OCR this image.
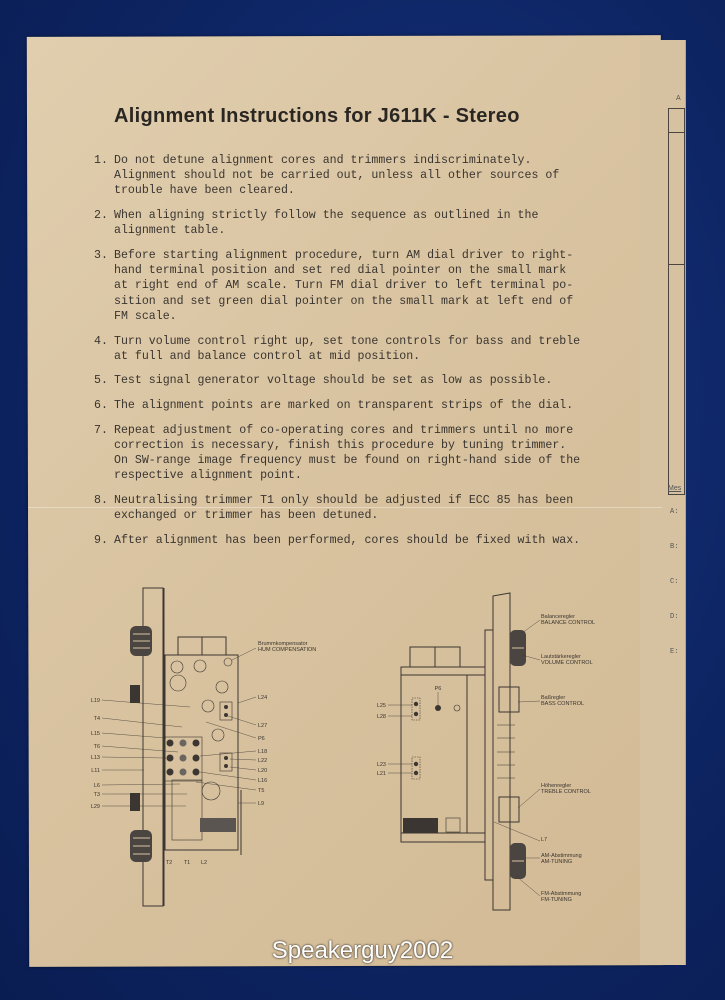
A
Mes
A:
B:
C:
D:
E:
Alignment Instructions for J611K - Stereo
1. Do not detune alignment cores and trimmers indiscriminately.
Alignment should not be carried out, unless all other sources of
trouble have been cleared.
2. When aligning strictly follow the sequence as outlined in the
alignment table.
3. Before starting alignment procedure, turn AM dial driver to right-
hand terminal position and set red dial pointer on the small mark
at right end of AM scale. Turn FM dial driver to left terminal po-
sition and set green dial pointer on the small mark at left end of
FM scale.
4. Turn volume control right up, set tone controls for bass and treble
at full and balance control at mid position.
5. Test signal generator voltage should be set as low as possible.
6. The alignment points are marked on transparent strips of the dial.
7. Repeat adjustment of co-operating cores and trimmers until no more
correction is necessary, finish this procedure by tuning trimmer.
On SW-range image frequency must be found on right-hand side of the
respective alignment point.
8. Neutralising trimmer T1 only should be adjusted if ECC 85 has been
exchanged or trimmer has been detuned.
9. After alignment has been performed, cores should be fixed with wax.
L19
T4
L15
T6
L13
L11
L6
T3
L29
L24
L27
P6
L18
L22
L20
L16
T5
L9
T2 T1 L2
Brummkompensator
HUM COMPENSATION
L25
L28
L23
L21
P6
Balanceregler
BALANCE CONTROL
Lautstärkeregler
VOLUME CONTROL
Baßregler
BASS CONTROL
Höhenregler
TREBLE CONTROL
L7
AM-Abstimmung
AM-TUNING
FM-Abstimmung
FM-TUNING
Speakerguy2002
